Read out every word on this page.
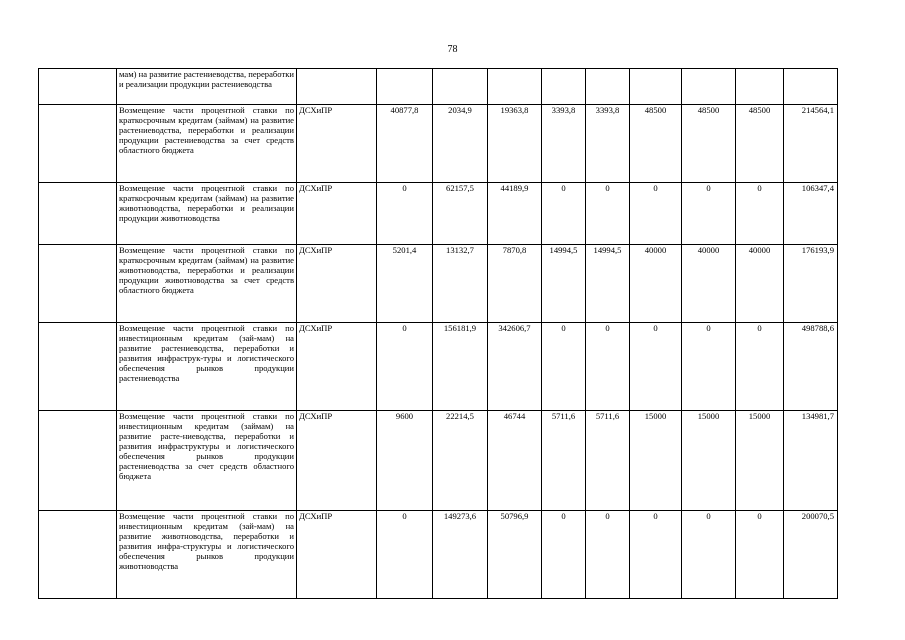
78
	мам) на развитие растениеводства, переработки и реализации продукции растениеводства										
	Возмещение части процентной ставки по краткосрочным кредитам (займам) на развитие растениеводства, переработки и реализации продукции растениеводства за счет средств областного бюджета	ДСХиПР	40877,8	2034,9	19363,8	3393,8	3393,8	48500	48500	48500	214564,1
	Возмещение части процентной ставки по краткосрочным кредитам (займам) на развитие животноводства, переработки и реализации продукции животноводства	ДСХиПР	0	62157,5	44189,9	0	0	0	0	0	106347,4
	Возмещение части процентной ставки по краткосрочным кредитам (займам) на развитие животноводства, переработки и реализации продукции животноводства за счет средств областного бюджета	ДСХиПР	5201,4	13132,7	7870,8	14994,5	14994,5	40000	40000	40000	176193,9
	Возмещение части процентной ставки по инвестиционным кредитам (зай-мам) на развитие растениеводства, переработки и развития инфраструк-туры и логистического обеспечения рынков продукции растениеводства	ДСХиПР	0	156181,9	342606,7	0	0	0	0	0	498788,6
	Возмещение части процентной ставки по инвестиционным кредитам (займам) на развитие расте-ниеводства, переработки и развития инфраструктуры и логистического обеспечения рынков продукции растениеводства за счет средств областного бюджета	ДСХиПР	9600	22214,5	46744	5711,6	5711,6	15000	15000	15000	134981,7
	Возмещение части процентной ставки по инвестиционным кредитам (зай-мам) на развитие животноводства, переработки и развития инфра-структуры и логистического обеспечения рынков продукции животноводства	ДСХиПР	0	149273,6	50796,9	0	0	0	0	0	200070,5
